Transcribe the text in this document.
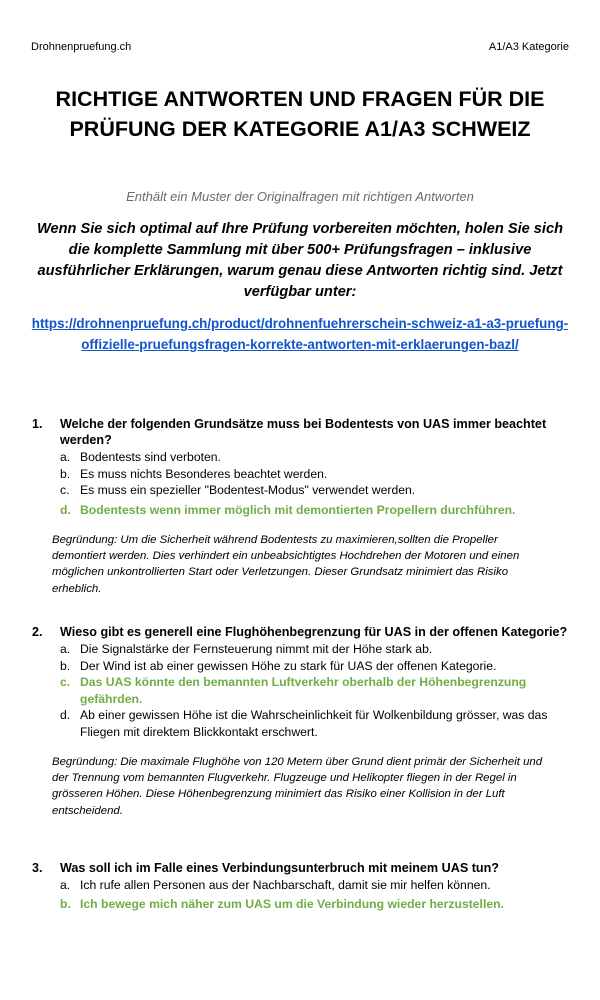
Drohnenpruefung.ch	A1/A3 Kategorie
RICHTIGE ANTWORTEN UND FRAGEN FÜR DIE PRÜFUNG DER KATEGORIE A1/A3 SCHWEIZ
Enthält ein Muster der Originalfragen mit richtigen Antworten
Wenn Sie sich optimal auf Ihre Prüfung vorbereiten möchten, holen Sie sich die komplette Sammlung mit über 500+ Prüfungsfragen – inklusive ausführlicher Erklärungen, warum genau diese Antworten richtig sind. Jetzt verfügbar unter:
https://drohnenpruefung.ch/product/drohnenfuehrerschein-schweiz-a1-a3-pruefung-offizielle-pruefungsfragen-korrekte-antworten-mit-erklaerungen-bazl/
1.	Welche der folgenden Grundsätze muss bei Bodentests von UAS immer beachtet werden?
a. Bodentests sind verboten.
b. Es muss nichts Besonderes beachtet werden.
c. Es muss ein spezieller "Bodentest-Modus" verwendet werden.
d. Bodentests wenn immer möglich mit demontierten Propellern durchführen.
Begründung: Um die Sicherheit während Bodentests zu maximieren,sollten die Propeller demontiert werden. Dies verhindert ein unbeabsichtigtes Hochdrehen der Motoren und einen möglichen unkontrollierten Start oder Verletzungen. Dieser Grundsatz minimiert das Risiko erheblich.
2.	Wieso gibt es generell eine Flughöhenbegrenzung für UAS in der offenen Kategorie?
a. Die Signalstärke der Fernsteuerung nimmt mit der Höhe stark ab.
b. Der Wind ist ab einer gewissen Höhe zu stark für UAS der offenen Kategorie.
c. Das UAS könnte den bemannten Luftverkehr oberhalb der Höhenbegrenzung gefährden.
d. Ab einer gewissen Höhe ist die Wahrscheinlichkeit für Wolkenbildung grösser, was das Fliegen mit direktem Blickkontakt erschwert.
Begründung: Die maximale Flughöhe von 120 Metern über Grund dient primär der Sicherheit und der Trennung vom bemannten Flugverkehr. Flugzeuge und Helikopter fliegen in der Regel in grösseren Höhen. Diese Höhenbegrenzung minimiert das Risiko einer Kollision in der Luft entscheidend.
3.	Was soll ich im Falle eines Verbindungsunterbruch mit meinem UAS tun?
a. Ich rufe allen Personen aus der Nachbarschaft, damit sie mir helfen können.
b. Ich bewege mich näher zum UAS um die Verbindung wieder herzustellen.
